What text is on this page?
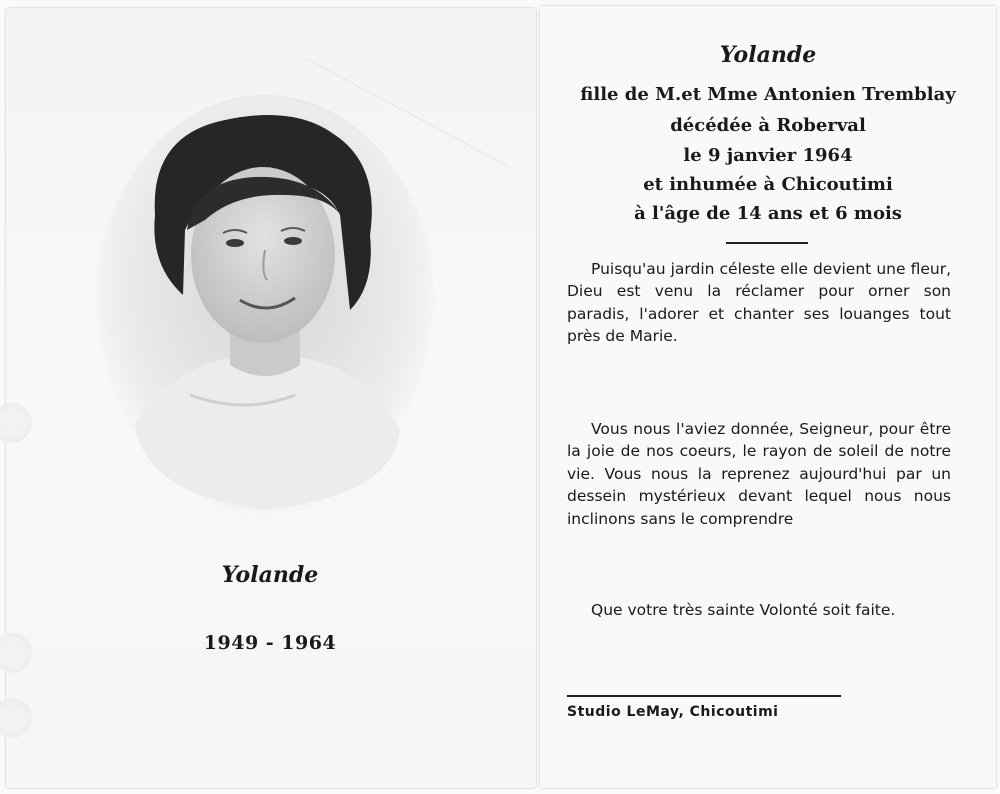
Yolande
1949 - 1964
Yolande
fille de M.et Mme Antonien Tremblay
décédée à Roberval
le 9 janvier 1964
et inhumée à Chicoutimi
à l'âge de 14 ans et 6 mois

Puisqu'au jardin céleste elle devient une fleur, Dieu est venu la réclamer pour orner son paradis, l'adorer et chanter ses louanges tout près de Marie.

Vous nous l'aviez donnée, Seigneur, pour être la joie de nos coeurs, le rayon de soleil de notre vie. Vous nous la reprenez aujourd'hui par un dessein mystérieux devant lequel nous nous inclinons sans le comprendre

Que votre très sainte Volonté soit faite.

Studio LeMay, Chicoutimi
